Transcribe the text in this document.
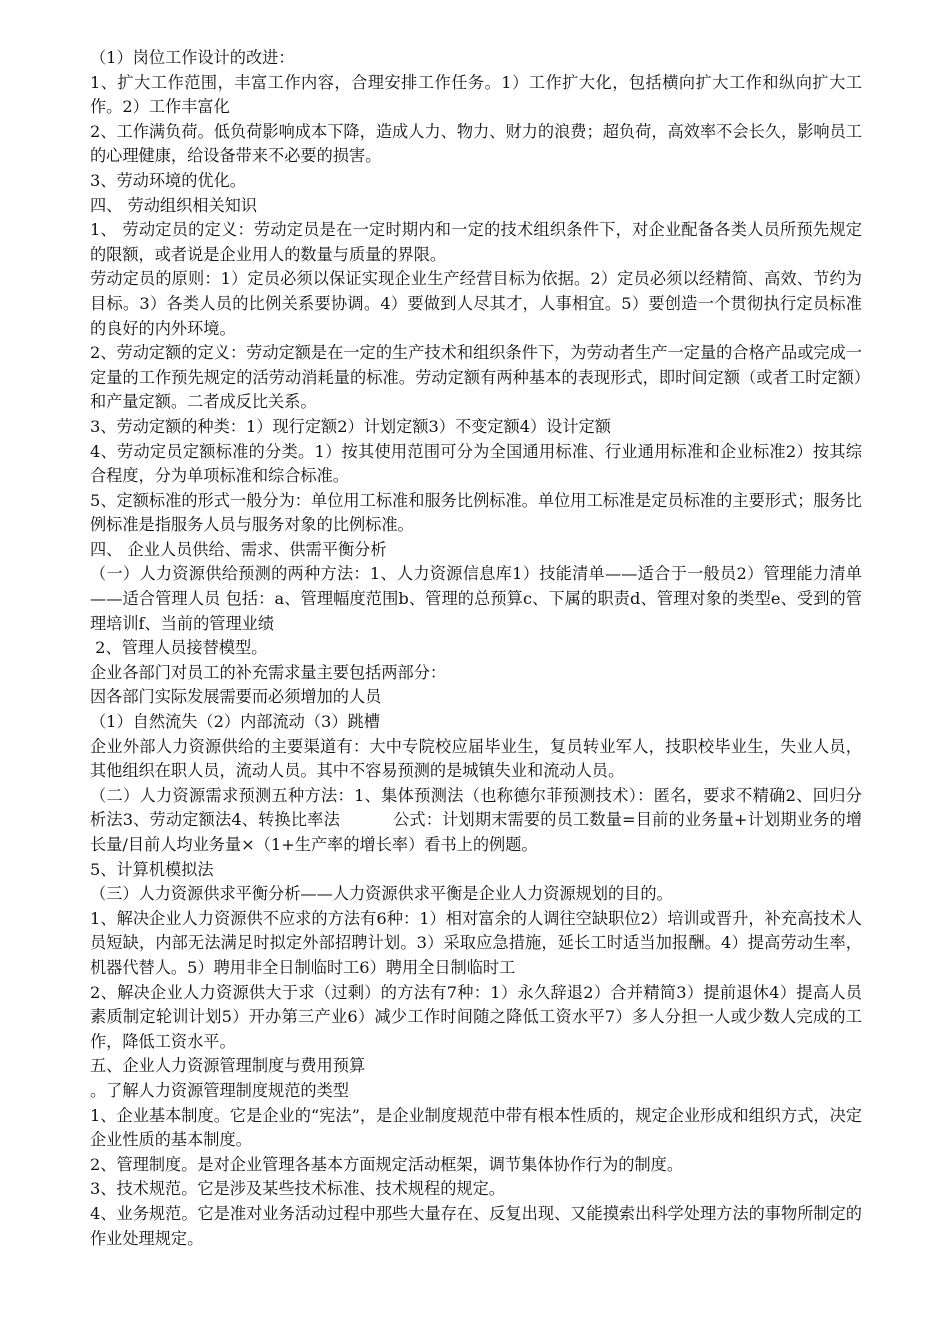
（1）岗位工作设计的改进：

1、扩大工作范围，丰富工作内容，合理安排工作任务。1）工作扩大化，包括横向扩大工作和纵向扩大工作。2）工作丰富化

2、工作满负荷。低负荷影响成本下降，造成人力、物力、财力的浪费；超负荷，高效率不会长久，影响员工的心理健康，给设备带来不必要的损害。

3、劳动环境的优化。

四、 劳动组织相关知识

1、 劳动定员的定义：劳动定员是在一定时期内和一定的技术组织条件下，对企业配备各类人员所预先规定的限额，或者说是企业用人的数量与质量的界限。

劳动定员的原则：1）定员必须以保证实现企业生产经营目标为依据。2）定员必须以经精简、高效、节约为目标。3）各类人员的比例关系要协调。4）要做到人尽其才，人事相宜。5）要创造一个贯彻执行定员标准的良好的内外环境。

2、劳动定额的定义：劳动定额是在一定的生产技术和组织条件下，为劳动者生产一定量的合格产品或完成一定量的工作预先规定的活劳动消耗量的标准。劳动定额有两种基本的表现形式，即时间定额（或者工时定额）和产量定额。二者成反比关系。

3、劳动定额的种类：1）现行定额2）计划定额3）不变定额4）设计定额

4、劳动定员定额标准的分类。1）按其使用范围可分为全国通用标准、行业通用标准和企业标准2）按其综合程度，分为单项标准和综合标准。

5、定额标准的形式一般分为：单位用工标准和服务比例标准。单位用工标准是定员标准的主要形式；服务比例标准是指服务人员与服务对象的比例标准。

四、 企业人员供给、需求、供需平衡分析

（一）人力资源供给预测的两种方法：1、人力资源信息库1）技能清单——适合于一般员2）管理能力清单——适合管理人员 包括：a、管理幅度范围b、管理的总预算c、下属的职责d、管理对象的类型e、受到的管理培训f、当前的管理业绩

2、管理人员接替模型。

企业各部门对员工的补充需求量主要包括两部分：

因各部门实际发展需要而必须增加的人员

（1）自然流失（2）内部流动（3）跳槽

企业外部人力资源供给的主要渠道有：大中专院校应届毕业生，复员转业军人，技职校毕业生，失业人员，其他组织在职人员，流动人员。其中不容易预测的是城镇失业和流动人员。

（二）人力资源需求预测五种方法：1、集体预测法（也称德尔菲预测技术）：匿名，要求不精确2、回归分析法3、劳动定额法4、转换比率法          公式：计划期末需要的员工数量=目前的业务量+计划期业务的增长量/目前人均业务量×（1+生产率的增长率）看书上的例题。

5、计算机模拟法

（三）人力资源供求平衡分析——人力资源供求平衡是企业人力资源规划的目的。

1、解决企业人力资源供不应求的方法有6种：1）相对富余的人调往空缺职位2）培训或晋升，补充高技术人员短缺，内部无法满足时拟定外部招聘计划。3）采取应急措施，延长工时适当加报酬。4）提高劳动生率，机器代替人。5）聘用非全日制临时工6）聘用全日制临时工

2、解决企业人力资源供大于求（过剩）的方法有7种：1）永久辞退2）合并精简3）提前退休4）提高人员素质制定轮训计划5）开办第三产业6）减少工作时间随之降低工资水平7）多人分担一人或少数人完成的工作，降低工资水平。

五、企业人力资源管理制度与费用预算

。了解人力资源管理制度规范的类型

1、企业基本制度。它是企业的“宪法”，是企业制度规范中带有根本性质的，规定企业形成和组织方式，决定企业性质的基本制度。

2、管理制度。是对企业管理各基本方面规定活动框架，调节集体协作行为的制度。

3、技术规范。它是涉及某些技术标准、技术规程的规定。

4、业务规范。它是准对业务活动过程中那些大量存在、反复出现、又能摸索出科学处理方法的事物所制定的作业处理规定。
